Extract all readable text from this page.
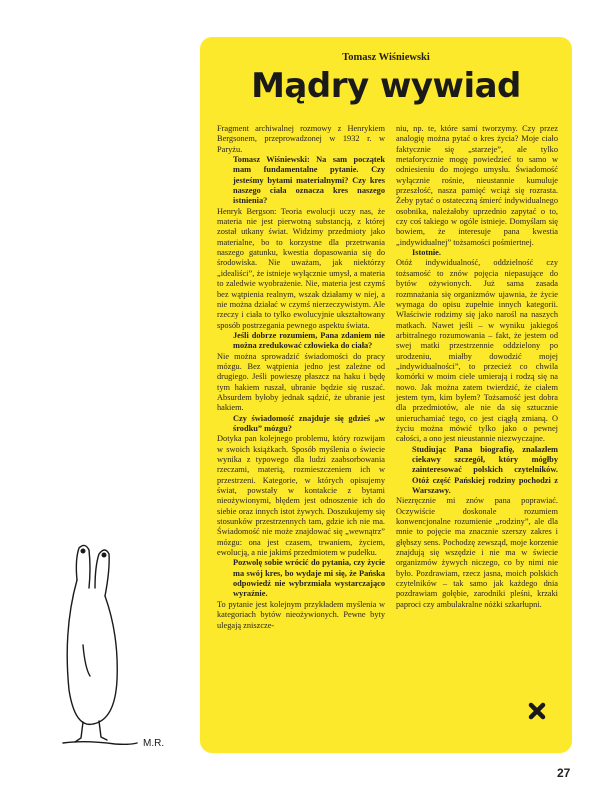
Tomasz Wiśniewski
Mądry wywiad

Fragment archiwalnej rozmowy z Henrykiem Bergsonem, przeprowadzonej w 1932 r. w Paryżu.

Tomasz Wiśniewski: Na sam początek mam fundamentalne pytanie. Czy jesteśmy bytami materialnymi? Czy kres naszego ciała oznacza kres naszego istnienia?

Henryk Bergson: Teoria ewolucji uczy nas, że materia nie jest pierwotną substancją, z której został utkany świat. Widzimy przedmioty jako materialne, bo to korzystne dla przetrwania naszego gatunku, kwestia dopasowania się do środowiska. Nie uważam, jak niektórzy „idealiści”, że istnieje wyłącznie umysł, a materia to zaledwie wyobrażenie. Nie, materia jest czymś bez wątpienia realnym, wszak działamy w niej, a nie można działać w czymś nierzeczywistym. Ale rzeczy i ciała to tylko ewolucyjnie ukształtowany sposób postrzegania pewnego aspektu świata.

Jeśli dobrze rozumiem, Pana zdaniem nie można zredukować człowieka do ciała?

Nie można sprowadzić świadomości do pracy mózgu. Bez wątpienia jedno jest zależne od drugiego. Jeśli powieszę płaszcz na haku i będę tym hakiem ruszał, ubranie będzie się ruszać. Absurdem byłoby jednak sądzić, że ubranie jest hakiem.

Czy świadomość znajduje się gdzieś „w środku” mózgu?

Dotyka pan kolejnego problemu, który rozwijam w swoich książkach. Sposób myślenia o świecie wynika z typowego dla ludzi zaabsorbowania rzeczami, materią, rozmieszczeniem ich w przestrzeni. Kategorie, w których opisujemy świat, powstały w kontakcie z bytami nieożywionymi, błędem jest odnoszenie ich do siebie oraz innych istot żywych. Doszukujemy się stosunków przestrzennych tam, gdzie ich nie ma. Świadomość nie może znajdować się „wewnątrz” mózgu: ona jest czasem, trwaniem, życiem, ewolucją, a nie jakimś przedmiotem w pudełku.

Pozwolę sobie wrócić do pytania, czy życie ma swój kres, bo wydaje mi się, że Pańska odpowiedź nie wybrzmiała wystarczająco wyraźnie.

To pytanie jest kolejnym przykładem myślenia w kategoriach bytów nieożywionych. Pewne byty ulegają zniszcze-

niu, np. te, które sami tworzymy. Czy przez analogię można pytać o kres życia? Moje ciało faktycznie się „starzeje”, ale tylko metaforycznie mogę powiedzieć to samo w odniesieniu do mojego umysłu. Świadomość wyłącznie rośnie, nieustannie kumuluje przeszłość, nasza pamięć wciąż się rozrasta. Żeby pytać o ostateczną śmierć indywidualnego osobnika, należałoby uprzednio zapytać o to, czy coś takiego w ogóle istnieje. Domyślam się bowiem, że interesuje pana kwestia „indywidualnej” tożsamości pośmiertnej.

Istotnie.

Otóż indywidualność, oddzielność czy tożsamość to znów pojęcia niepasujące do bytów ożywionych. Już sama zasada rozmnażania się organizmów ujawnia, że życie wymaga do opisu zupełnie innych kategorii. Właściwie rodzimy się jako narośl na naszych matkach. Nawet jeśli – w wyniku jakiegoś arbitralnego rozumowania – fakt, że jestem od swej matki przestrzennie oddzielony po urodzeniu, miałby dowodzić mojej „indywidualności”, to przecież co chwila komórki w moim ciele umierają i rodzą się na nowo. Jak można zatem twierdzić, że ciałem jestem tym, kim byłem? Tożsamość jest dobra dla przedmiotów, ale nie da się sztucznie unieruchamiać tego, co jest ciągłą zmianą. O życiu można mówić tylko jako o pewnej całości, a ono jest nieustannie niezwyczajne.

Studiując Pana biografię, znalazłem ciekawy szczegół, który mógłby zainteresować polskich czytelników. Otóż część Pańskiej rodziny pochodzi z Warszawy.

Niezręcznie mi znów pana poprawiać. Oczywiście doskonale rozumiem konwencjonalne rozumienie „rodziny”, ale dla mnie to pojęcie ma znacznie szerszy zakres i głębszy sens. Pochodzę zewsząd, moje korzenie znajdują się wszędzie i nie ma w świecie organizmów żywych niczego, co by nimi nie było. Pozdrawiam, rzecz jasna, moich polskich czytelników – tak samo jak każdego dnia pozdrawiam gołębie, zarodniki pleśni, krzaki paproci czy ambulakralne nóżki szkarłupni.

M.R.
27
